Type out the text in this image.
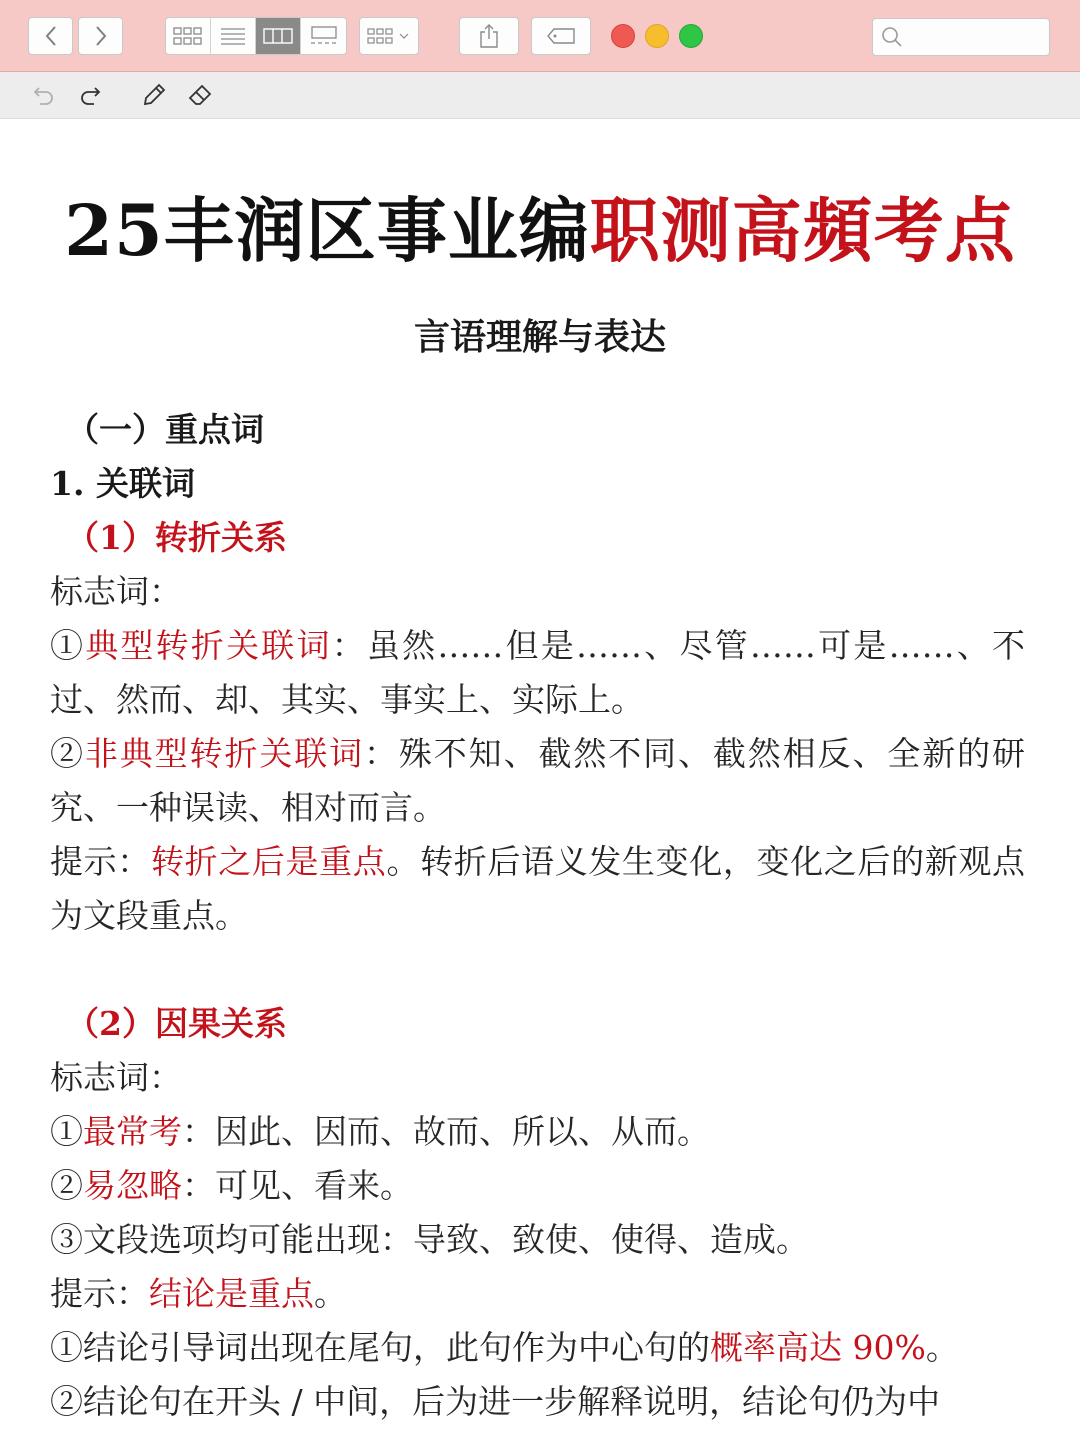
25丰润区事业编职测高頻考点
言语理解与表达
（一）重点词
1. 关联词
（1）转折关系
标志词：
①典型转折关联词：虽然……但是……、尽管……可是……、不过、然而、却、其实、事实上、实际上。
②非典型转折关联词：殊不知、截然不同、截然相反、全新的研究、一种误读、相对而言。
提示：转折之后是重点。转折后语义发生变化，变化之后的新观点为文段重点。
（2）因果关系
标志词：
①最常考：因此、因而、故而、所以、从而。
②易忽略：可见、看来。
③文段选项均可能出现：导致、致使、使得、造成。
提示：结论是重点。
①结论引导词出现在尾句，此句作为中心句的概率高达 90%。
②结论句在开头 / 中间，后为进一步解释说明，结论句仍为中
